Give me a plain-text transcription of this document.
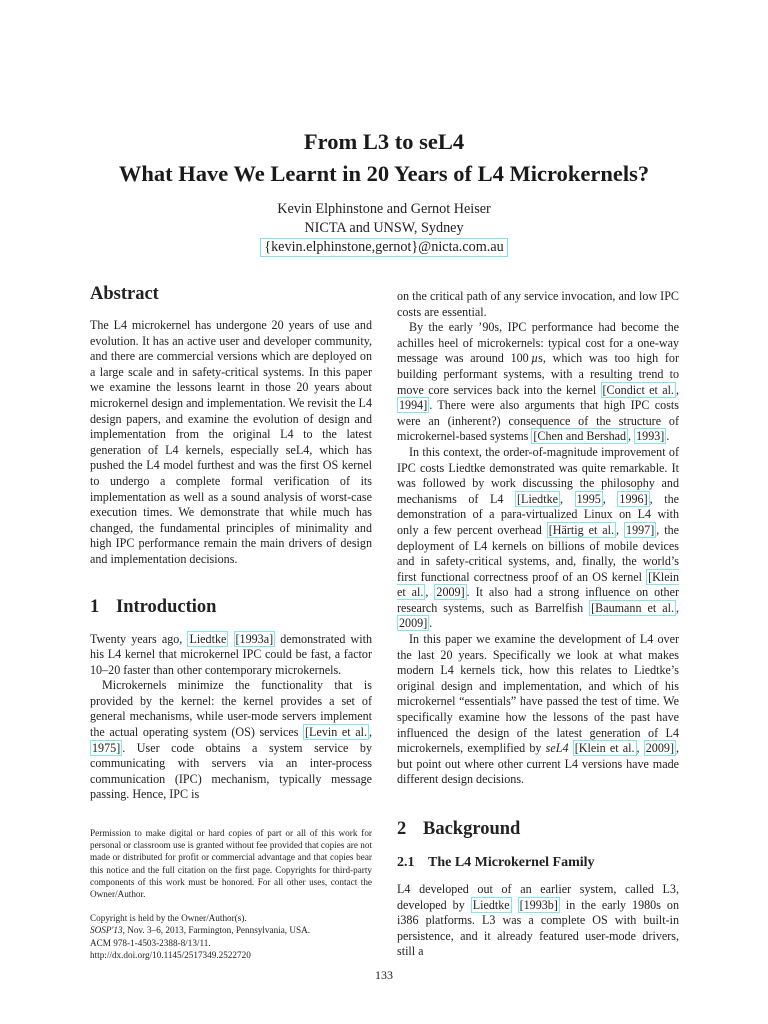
From L3 to seL4
What Have We Learnt in 20 Years of L4 Microkernels?
Kevin Elphinstone and Gernot Heiser
NICTA and UNSW, Sydney
{kevin.elphinstone,gernot}@nicta.com.au
Abstract

The L4 microkernel has undergone 20 years of use and evolution. It has an active user and developer community, and there are commercial versions which are deployed on a large scale and in safety-critical systems. In this paper we examine the lessons learnt in those 20 years about microkernel design and implementation. We revisit the L4 design papers, and examine the evolution of design and implementation from the original L4 to the latest generation of L4 kernels, especially seL4, which has pushed the L4 model furthest and was the first OS kernel to undergo a complete formal verification of its implementation as well as a sound analysis of worst-case execution times. We demonstrate that while much has changed, the fundamental principles of minimality and high IPC performance remain the main drivers of design and implementation decisions.

1 Introduction

Twenty years ago, Liedtke [1993a] demonstrated with his L4 kernel that microkernel IPC could be fast, a factor 10–20 faster than other contemporary microkernels.

Microkernels minimize the functionality that is provided by the kernel: the kernel provides a set of general mechanisms, while user-mode servers implement the actual operating system (OS) services [Levin et al. , 1975] . User code obtains a system service by communicating with servers via an inter-process communication (IPC) mechanism, typically message passing. Hence, IPC is

Permission to make digital or hard copies of part or all of this work for personal or classroom use is granted without fee provided that copies are not made or distributed for profit or commercial advantage and that copies bear this notice and the full citation on the first page. Copyrights for third-party components of this work must be honored. For all other uses, contact the Owner/Author.
Copyright is held by the Owner/Author(s).
SOSP'13, Nov. 3–6, 2013, Farmington, Pennsylvania, USA.
ACM 978-1-4503-2388-8/13/11.
http://dx.doi.org/10.1145/2517349.2522720

on the critical path of any service invocation, and low IPC costs are essential.

By the early ’90s, IPC performance had become the achilles heel of microkernels: typical cost for a one-way message was around 100 µs, which was too high for building performant systems, with a resulting trend to move core services back into the kernel [Condict et al. , 1994] . There were also arguments that high IPC costs were an (inherent?) consequence of the structure of microkernel-based systems [Chen and Bershad , 1993] .

In this context, the order-of-magnitude improvement of IPC costs Liedtke demonstrated was quite remarkable. It was followed by work discussing the philosophy and mechanisms of L4 [Liedtke , 1995 , 1996] , the demonstration of a para-virtualized Linux on L4 with only a few percent overhead [Härtig et al. , 1997] , the deployment of L4 kernels on billions of mobile devices and in safety-critical systems, and, finally, the world’s first functional correctness proof of an OS kernel [Klein et al. , 2009] . It also had a strong influence on other research systems, such as Barrelfish [Baumann et al. , 2009] .

In this paper we examine the development of L4 over the last 20 years. Specifically we look at what makes modern L4 kernels tick, how this relates to Liedtke’s original design and implementation, and which of his microkernel “essentials” have passed the test of time. We specifically examine how the lessons of the past have influenced the design of the latest generation of L4 microkernels, exemplified by seL4 [Klein et al. , 2009] , but point out where other current L4 versions have made different design decisions.

2 Background
2.1 The L4 Microkernel Family

L4 developed out of an earlier system, called L3, developed by Liedtke [1993b] in the early 1980s on i386 platforms. L3 was a complete OS with built-in persistence, and it already featured user-mode drivers, still a

133
